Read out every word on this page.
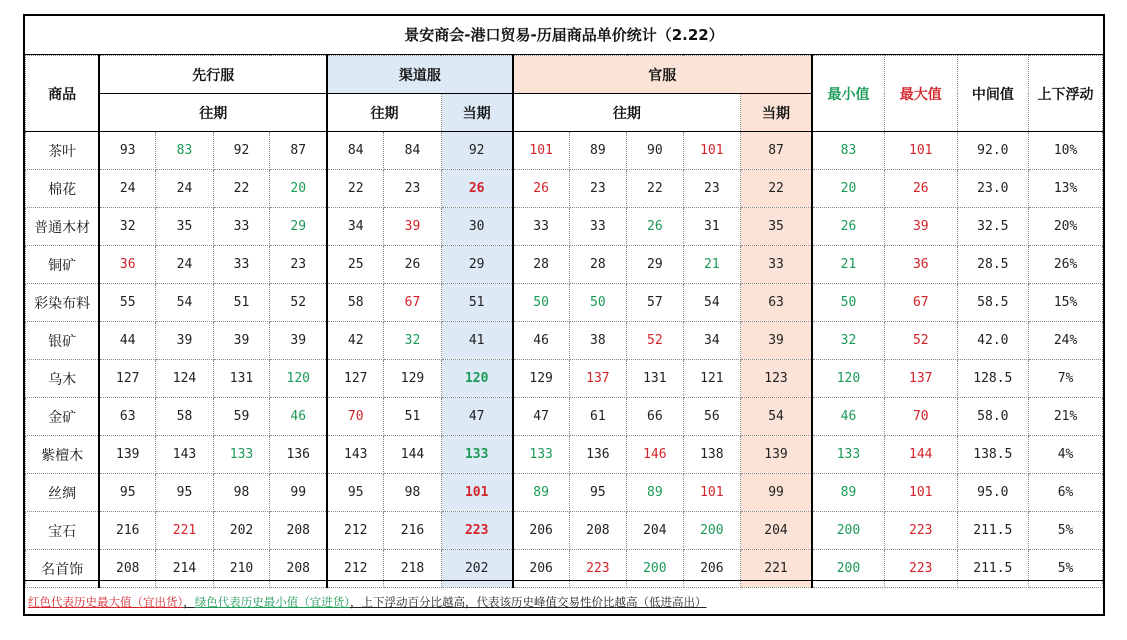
景安商会-港口贸易-历届商品单价统计（2.22）
商品	先行服				渠道服			官服					最小值	最大值	中间值	上下浮动
	往期				往期		当期	往期				当期				
茶叶	93	83	92	87	84	84	92	101	89	90	101	87	83	101	92.0	10%
棉花	24	24	22	20	22	23	26	26	23	22	23	22	20	26	23.0	13%
普通木材	32	35	33	29	34	39	30	33	33	26	31	35	26	39	32.5	20%
铜矿	36	24	33	23	25	26	29	28	28	29	21	33	21	36	28.5	26%
彩染布料	55	54	51	52	58	67	51	50	50	57	54	63	50	67	58.5	15%
银矿	44	39	39	39	42	32	41	46	38	52	34	39	32	52	42.0	24%
乌木	127	124	131	120	127	129	120	129	137	131	121	123	120	137	128.5	7%
金矿	63	58	59	46	70	51	47	47	61	66	56	54	46	70	58.0	21%
紫檀木	139	143	133	136	143	144	133	133	136	146	138	139	133	144	138.5	4%
丝绸	95	95	98	99	95	98	101	89	95	89	101	99	89	101	95.0	6%
宝石	216	221	202	208	212	216	223	206	208	204	200	204	200	223	211.5	5%
名首饰	208	214	210	208	212	218	202	206	223	200	206	221	200	223	211.5	5%
红色代表历史最大值（宜出货），绿色代表历史最小值（宜进货），上下浮动百分比越高，代表该历史峰值交易性价比越高（低进高出）
